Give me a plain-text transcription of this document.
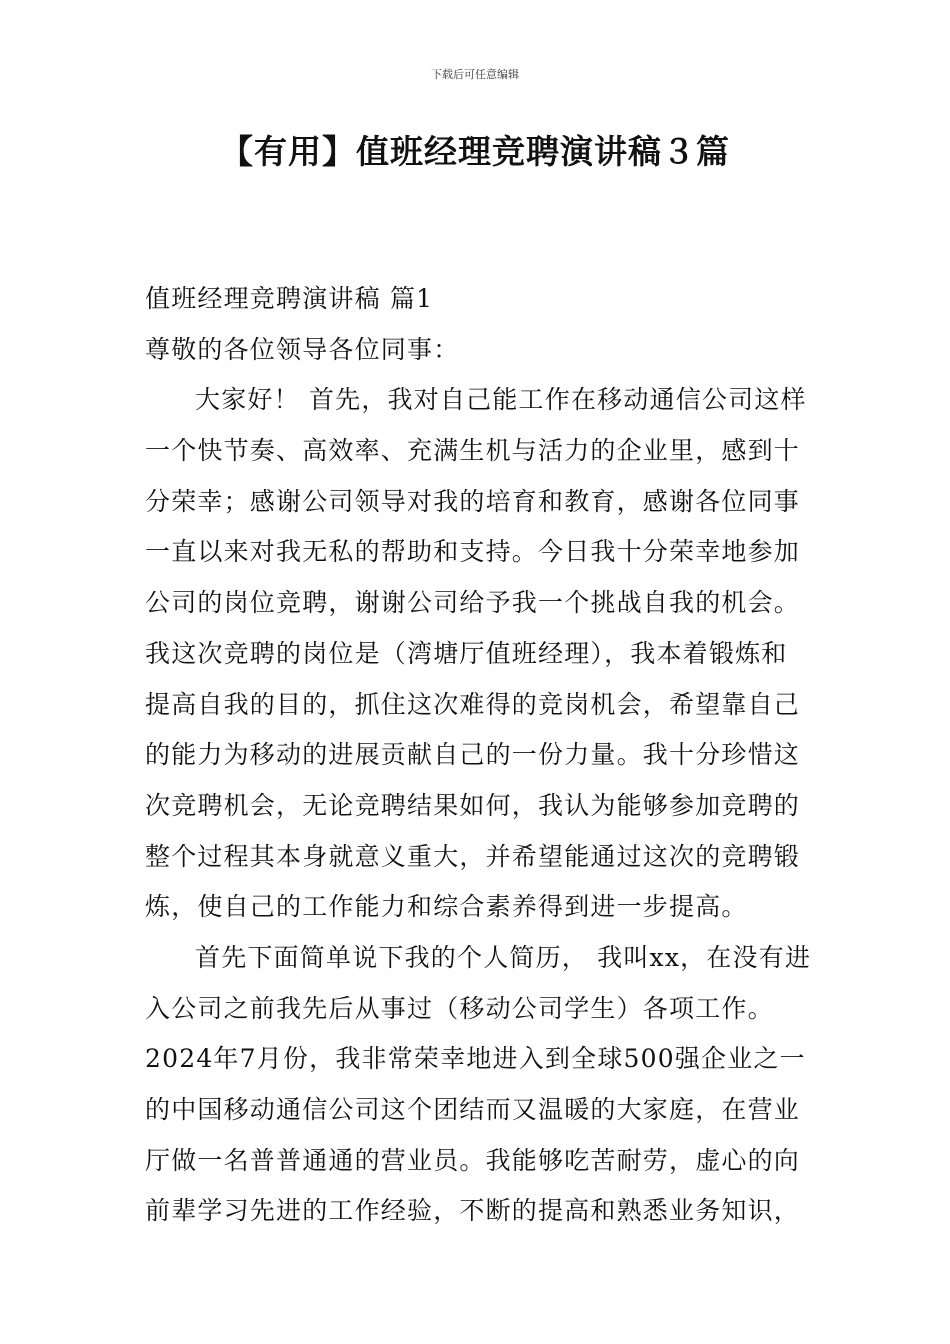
下载后可任意编辑
【有用】值班经理竞聘演讲稿３篇
值班经理竞聘演讲稿 篇1
尊敬的各位领导各位同事：
大家好！ 首先，我对自己能工作在移动通信公司这样
一个快节奏、高效率、充满生机与活力的企业里，感到十
分荣幸；感谢公司领导对我的培育和教育，感谢各位同事
一直以来对我无私的帮助和支持。今日我十分荣幸地参加
公司的岗位竞聘，谢谢公司给予我一个挑战自我的机会。
我这次竞聘的岗位是（湾塘厅值班经理），我本着锻炼和
提高自我的目的，抓住这次难得的竞岗机会，希望靠自己
的能力为移动的进展贡献自己的一份力量。我十分珍惜这
次竞聘机会，无论竞聘结果如何，我认为能够参加竞聘的
整个过程其本身就意义重大，并希望能通过这次的竞聘锻
炼，使自己的工作能力和综合素养得到进一步提高。
首先下面简单说下我的个人简历， 我叫xx，在没有进
入公司之前我先后从事过（移动公司学生）各项工作。
2024年7月份，我非常荣幸地进入到全球500强企业之一
的中国移动通信公司这个团结而又温暖的大家庭，在营业
厅做一名普普通通的营业员。我能够吃苦耐劳，虚心的向
前辈学习先进的工作经验，不断的提高和熟悉业务知识，
